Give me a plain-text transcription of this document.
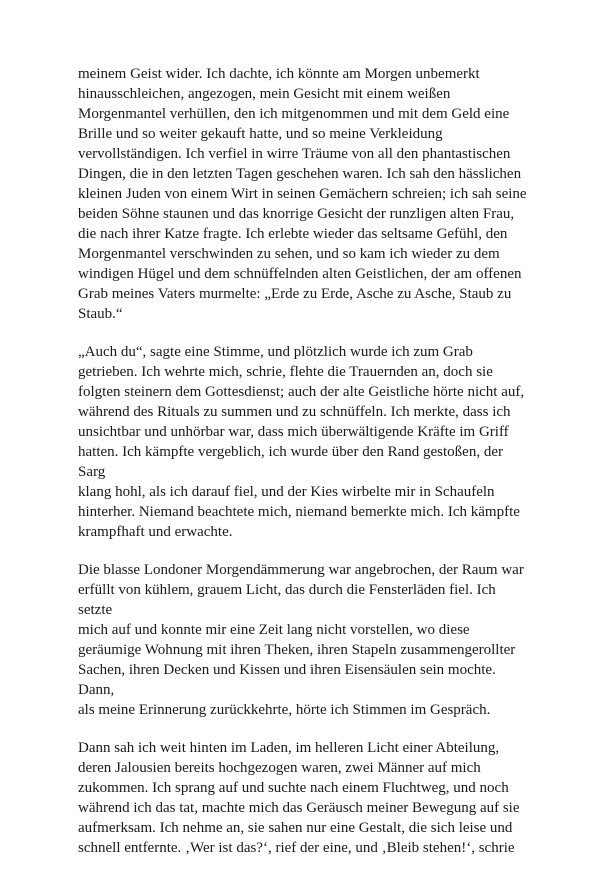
meinem Geist wider. Ich dachte, ich könnte am Morgen unbemerkt
hinausschleichen, angezogen, mein Gesicht mit einem weißen
Morgenmantel verhüllen, den ich mitgenommen und mit dem Geld eine
Brille und so weiter gekauft hatte, und so meine Verkleidung
vervollständigen. Ich verfiel in wirre Träume von all den phantastischen
Dingen, die in den letzten Tagen geschehen waren. Ich sah den hässlichen
kleinen Juden von einem Wirt in seinen Gemächern schreien; ich sah seine
beiden Söhne staunen und das knorrige Gesicht der runzligen alten Frau,
die nach ihrer Katze fragte. Ich erlebte wieder das seltsame Gefühl, den
Morgenmantel verschwinden zu sehen, und so kam ich wieder zu dem
windigen Hügel und dem schnüffelnden alten Geistlichen, der am offenen
Grab meines Vaters murmelte: „Erde zu Erde, Asche zu Asche, Staub zu
Staub.“

„Auch du“, sagte eine Stimme, und plötzlich wurde ich zum Grab
getrieben. Ich wehrte mich, schrie, flehte die Trauernden an, doch sie
folgten steinern dem Gottesdienst; auch der alte Geistliche hörte nicht auf,
während des Rituals zu summen und zu schnüffeln. Ich merkte, dass ich
unsichtbar und unhörbar war, dass mich überwältigende Kräfte im Griff
hatten. Ich kämpfte vergeblich, ich wurde über den Rand gestoßen, der Sarg
klang hohl, als ich darauf fiel, und der Kies wirbelte mir in Schaufeln
hinterher. Niemand beachtete mich, niemand bemerkte mich. Ich kämpfte
krampfhaft und erwachte.

Die blasse Londoner Morgendämmerung war angebrochen, der Raum war
erfüllt von kühlem, grauem Licht, das durch die Fensterläden fiel. Ich setzte
mich auf und konnte mir eine Zeit lang nicht vorstellen, wo diese
geräumige Wohnung mit ihren Theken, ihren Stapeln zusammengerollter
Sachen, ihren Decken und Kissen und ihren Eisensäulen sein mochte. Dann,
als meine Erinnerung zurückkehrte, hörte ich Stimmen im Gespräch.

Dann sah ich weit hinten im Laden, im helleren Licht einer Abteilung,
deren Jalousien bereits hochgezogen waren, zwei Männer auf mich
zukommen. Ich sprang auf und suchte nach einem Fluchtweg, und noch
während ich das tat, machte mich das Geräusch meiner Bewegung auf sie
aufmerksam. Ich nehme an, sie sahen nur eine Gestalt, die sich leise und
schnell entfernte. ‚Wer ist das?‘, rief der eine, und ‚Bleib stehen!‘, schrie
